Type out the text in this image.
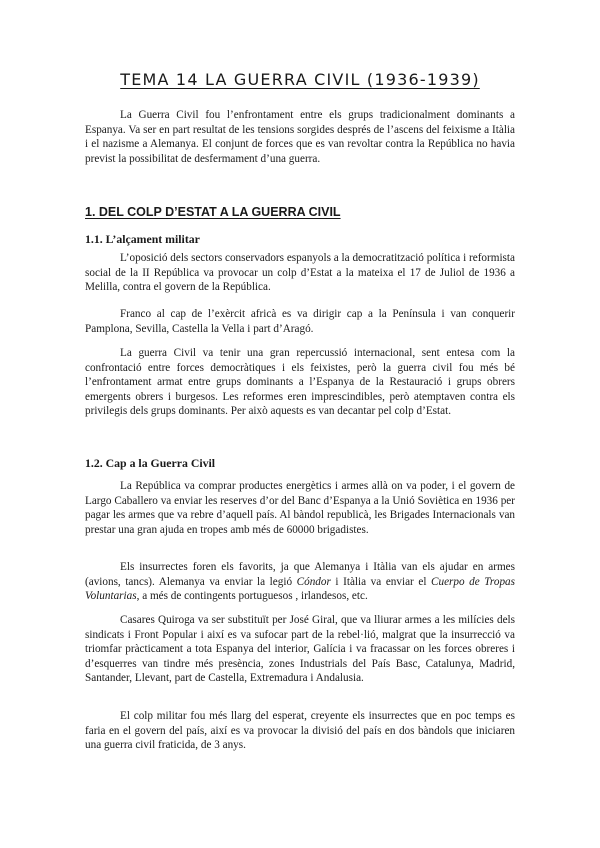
TEMA 14 LA GUERRA CIVIL (1936-1939)

La Guerra Civil fou l’enfrontament entre els grups tradicionalment dominants a Espanya. Va ser en part resultat de les tensions sorgides després de l’ascens del feixisme a Itàlia i el nazisme a Alemanya. El conjunt de forces que es van revoltar contra la República no havia previst la possibilitat de desfermament d’una guerra.

1. DEL COLP D’ESTAT A LA GUERRA CIVIL
1.1. L’alçament militar

L’oposició dels sectors conservadors espanyols a la democratització política i reformista social de la II República va provocar un colp d’Estat a la mateixa el 17 de Juliol de 1936 a Melilla, contra el govern de la República.

Franco al cap de l’exèrcit africà es va dirigir cap a la Península i van conquerir Pamplona, Sevilla, Castella la Vella i part d’Aragó.

La guerra Civil va tenir una gran repercussió internacional, sent entesa com la confrontació entre forces democràtiques i els feixistes, però la guerra civil fou més bé l’enfrontament armat entre grups dominants a l’Espanya de la Restauració i grups obrers emergents obrers i burgesos. Les reformes eren imprescindibles, però atemptaven contra els privilegis dels grups dominants. Per això aquests es van decantar pel colp d’Estat.

1.2. Cap a la Guerra Civil

La República va comprar productes energètics i armes allà on va poder, i el govern de Largo Caballero va enviar les reserves d’or del Banc d’Espanya a la Unió Soviètica en 1936 per pagar les armes que va rebre d’aquell país. Al bàndol republicà, les Brigades Internacionals van prestar una gran ajuda en tropes amb més de 60000 brigadistes.

Els insurrectes foren els favorits, ja que Alemanya i Itàlia van els ajudar en armes (avions, tancs). Alemanya va enviar la legió Cóndor i Itàlia va enviar el Cuerpo de Tropas Voluntarias, a més de contingents portuguesos , irlandesos, etc.

Casares Quiroga va ser substituït per José Giral, que va lliurar armes a les milícies dels sindicats i Front Popular i així es va sufocar part de la rebel·lió, malgrat que la insurrecció va triomfar pràcticament a tota Espanya del interior, Galícia i va fracassar on les forces obreres i d’esquerres van tindre més presència, zones Industrials del País Basc, Catalunya, Madrid, Santander, Llevant, part de Castella, Extremadura i Andalusia.

El colp militar fou més llarg del esperat, creyente els insurrectes que en poc temps es faria en el govern del país, així es va provocar la divisió del país en dos bàndols que iniciaren una guerra civil fraticida, de 3 anys.
